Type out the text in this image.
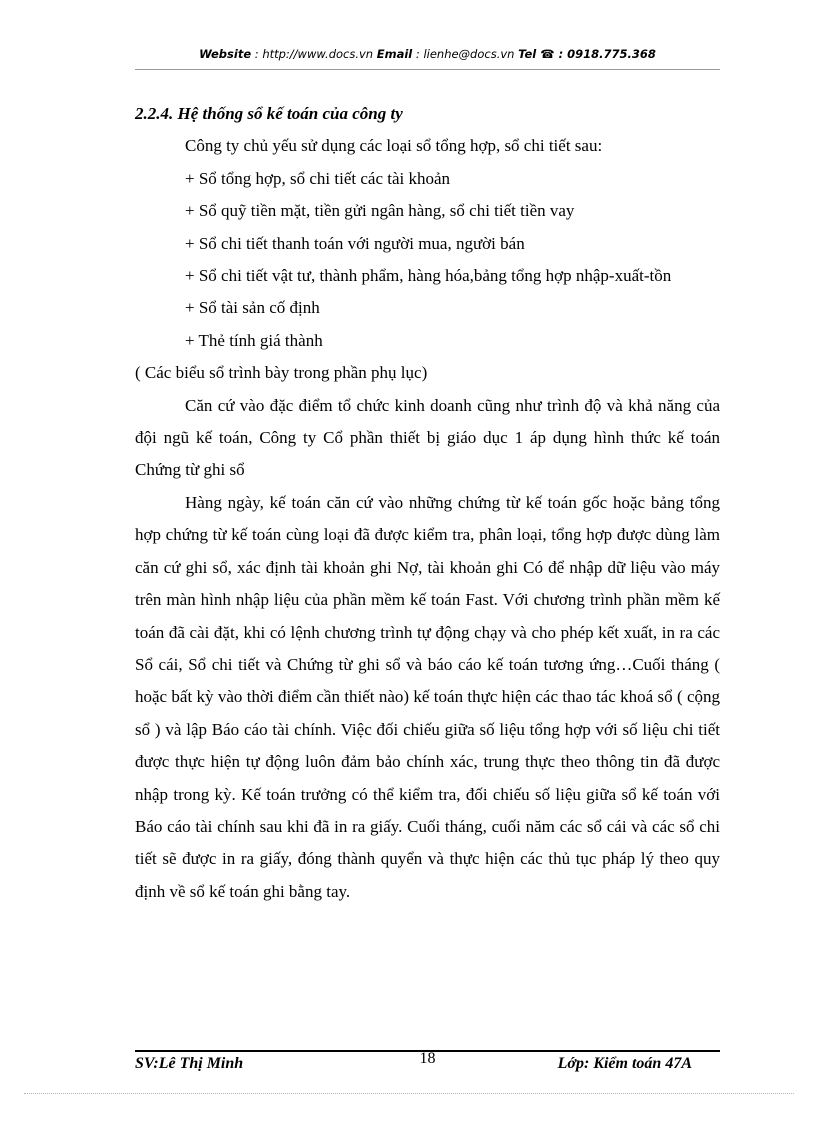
Website : http://www.docs.vn Email : lienhe@docs.vn Tel ☎ : 0918.775.368

2.2.4. Hệ thống sổ kế toán của công ty

Công ty chủ yếu sử dụng các loại sổ tổng hợp, sổ chi tiết sau:

+ Sổ tổng hợp, sổ chi tiết các tài khoản

+ Sổ quỹ tiền mặt, tiền gửi ngân hàng, sổ chi tiết tiền vay

+ Sổ chi tiết thanh toán với người mua, người bán

+ Sổ chi tiết vật tư, thành phẩm, hàng hóa,bảng tổng hợp nhập-xuất-tồn

+ Sổ tài sản cố định

+ Thẻ tính giá thành

( Các biểu sổ trình bày trong phần phụ lục)

Căn cứ vào đặc điểm tổ chức kinh doanh cũng như trình độ và khả năng của đội ngũ kế toán, Công ty Cổ phần thiết bị giáo dục 1 áp dụng hình thức kế toán Chứng từ ghi sổ

Hàng ngày, kế toán căn cứ vào những chứng từ kế toán gốc hoặc bảng tổng hợp chứng từ kế toán cùng loại đã được kiểm tra, phân loại, tổng hợp được dùng làm căn cứ ghi sổ, xác định tài khoản ghi Nợ, tài khoản ghi Có để nhập dữ liệu vào máy trên màn hình nhập liệu của phần mềm kế toán Fast. Với chương trình phần mềm kế toán đã cài đặt, khi có lệnh chương trình tự động chạy và cho phép kết xuất, in ra các Sổ cái, Sổ chi tiết và Chứng từ ghi sổ và báo cáo kế toán tương ứng…Cuối tháng ( hoặc bất kỳ vào thời điểm cần thiết nào) kế toán thực hiện các thao tác khoá sổ ( cộng sổ ) và lập Báo cáo tài chính. Việc đối chiếu giữa số liệu tổng hợp với số liệu chi tiết được thực hiện tự động luôn đảm bảo chính xác, trung thực theo thông tin đã được nhập trong kỳ. Kế toán trưởng có thể kiểm tra, đối chiếu số liệu giữa sổ kế toán với Báo cáo tài chính sau khi đã in ra giấy. Cuối tháng, cuối năm các sổ cái và các sổ chi tiết sẽ được in ra giấy, đóng thành quyển và thực hiện các thủ tục pháp lý theo quy định về sổ kế toán ghi bằng tay.

SV:Lê Thị Minh	18	Lớp: Kiểm toán 47A
